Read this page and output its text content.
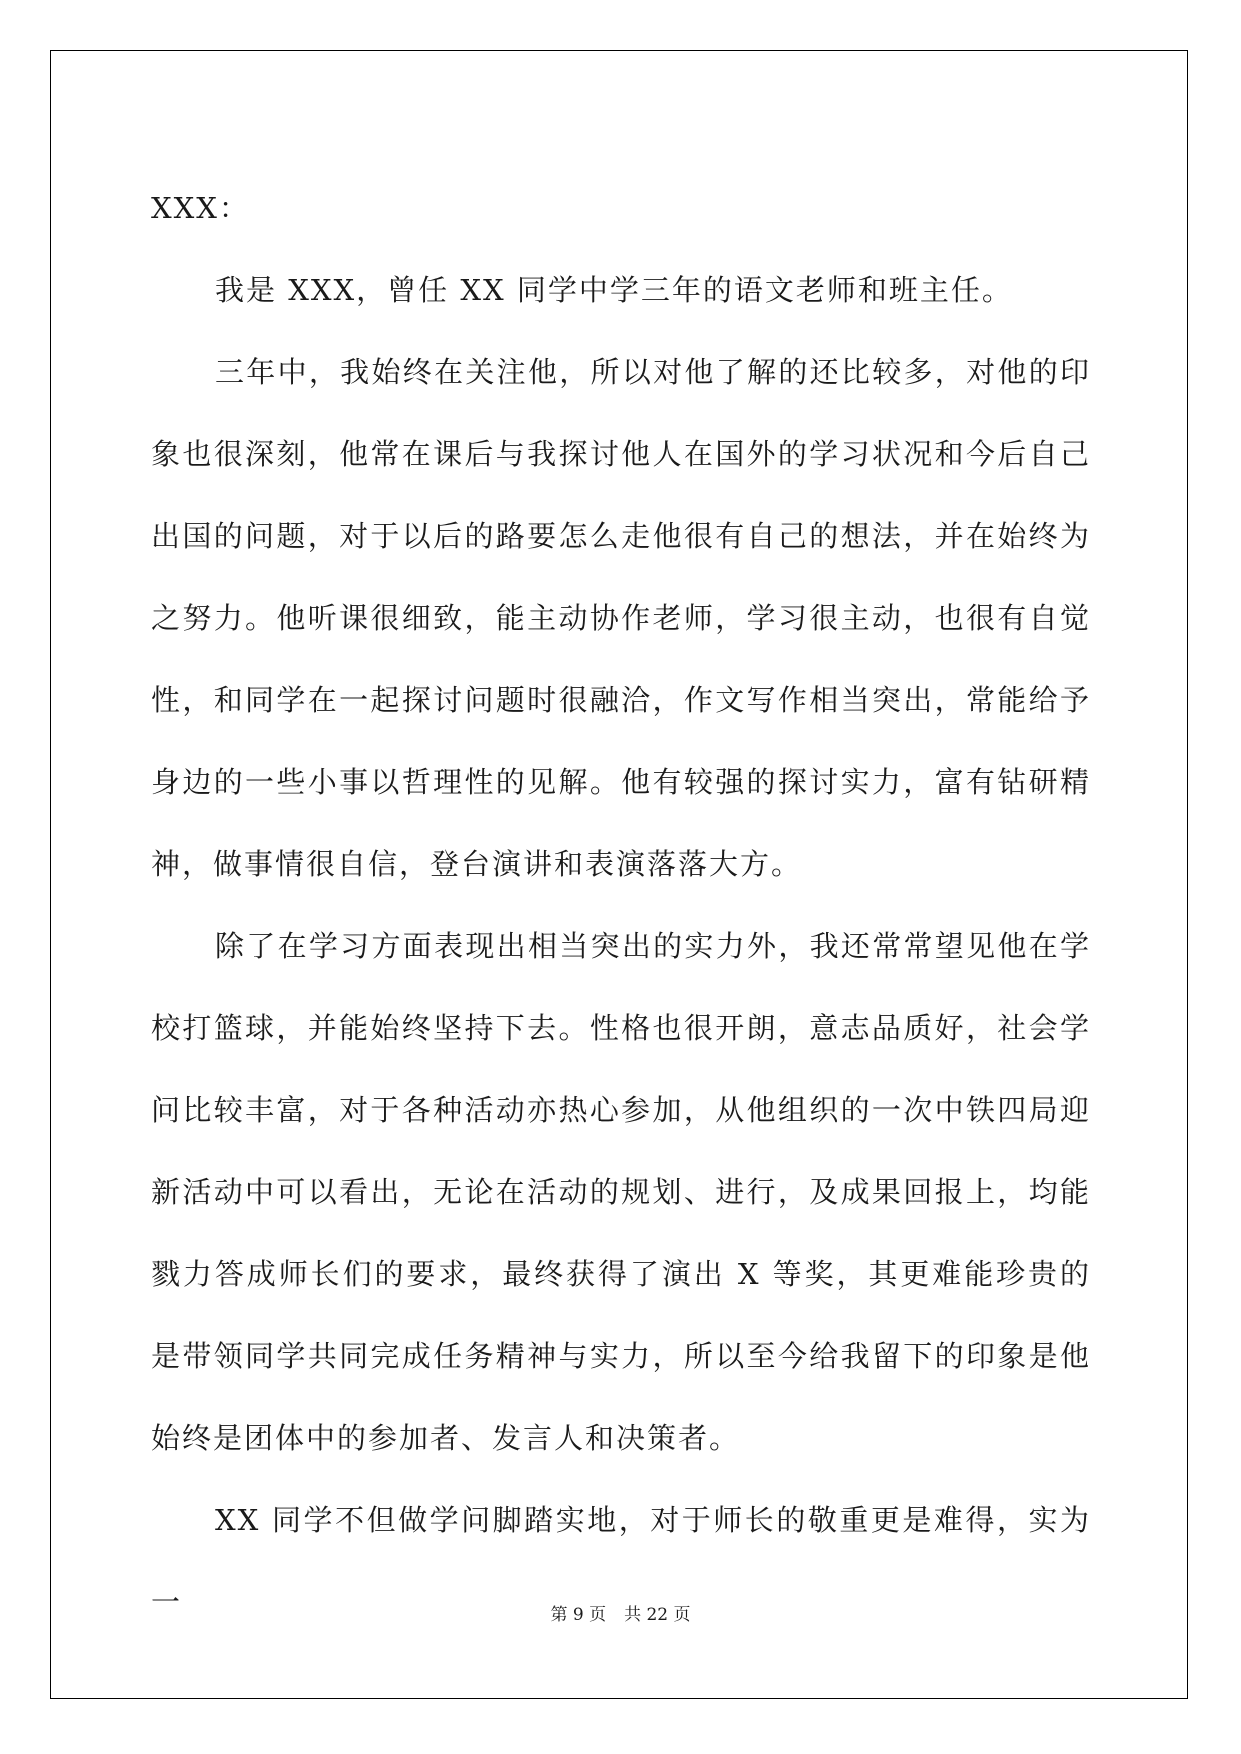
XXX：

我是 XXX，曾任 XX 同学中学三年的语文老师和班主任。

三年中，我始终在关注他，所以对他了解的还比较多，对他的印象也很深刻，他常在课后与我探讨他人在国外的学习状况和今后自己出国的问题，对于以后的路要怎么走他很有自己的想法，并在始终为之努力。他听课很细致，能主动协作老师，学习很主动，也很有自觉性，和同学在一起探讨问题时很融洽，作文写作相当突出，常能给予身边的一些小事以哲理性的见解。他有较强的探讨实力，富有钻研精神，做事情很自信，登台演讲和表演落落大方。

除了在学习方面表现出相当突出的实力外，我还常常望见他在学校打篮球，并能始终坚持下去。性格也很开朗，意志品质好，社会学问比较丰富，对于各种活动亦热心参加，从他组织的一次中铁四局迎新活动中可以看出，无论在活动的规划、进行，及成果回报上，均能戮力答成师长们的要求，最终获得了演出 X 等奖，其更难能珍贵的是带领同学共同完成任务精神与实力，所以至今给我留下的印象是他始终是团体中的参加者、发言人和决策者。

XX 同学不但做学问脚踏实地，对于师长的敬重更是难得，实为一	第 9 页 共 22 页
